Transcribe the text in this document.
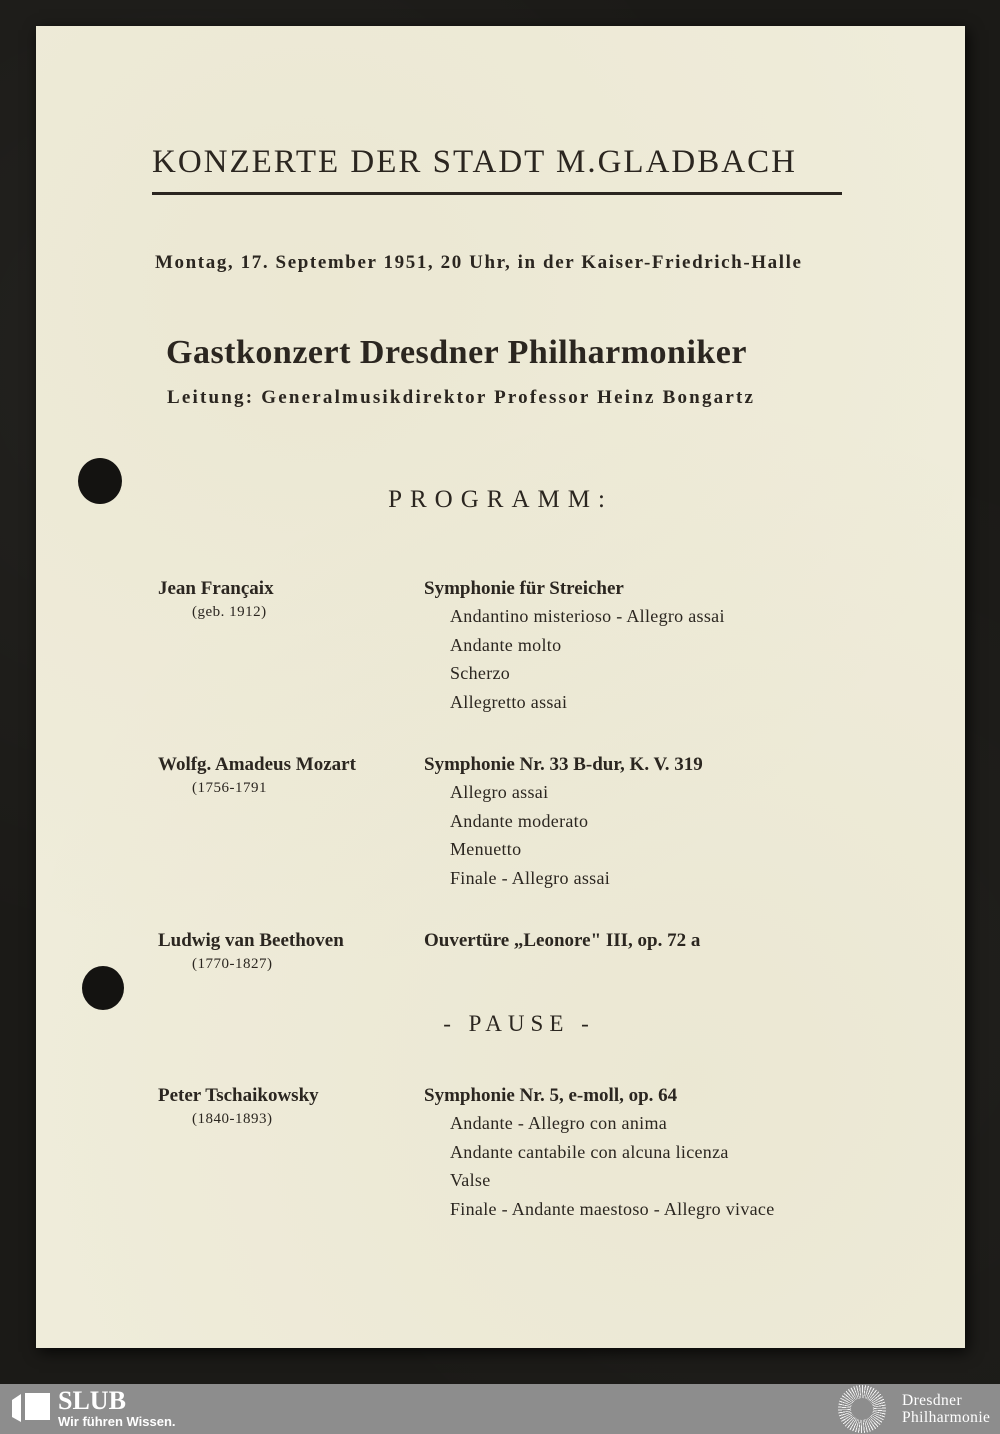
KONZERTE DER STADT M.GLADBACH
Montag, 17. September 1951, 20 Uhr, in der Kaiser-Friedrich-Halle
Gastkonzert Dresdner Philharmoniker
Leitung: Generalmusikdirektor Professor Heinz Bongartz
PROGRAMM:
Jean Françaix
(geb. 1912)
Symphonie für Streicher
Andantino misterioso - Allegro assai
Andante molto
Scherzo
Allegretto assai
Wolfg. Amadeus Mozart
(1756-1791
Symphonie Nr. 33 B-dur, K. V. 319
Allegro assai
Andante moderato
Menuetto
Finale - Allegro assai
Ludwig van Beethoven
(1770-1827)
Ouvertüre „Leonore" III, op. 72 a
- PAUSE -
Peter Tschaikowsky
(1840-1893)
Symphonie Nr. 5, e-moll, op. 64
Andante - Allegro con anima
Andante cantabile con alcuna licenza
Valse
Finale - Andante maestoso - Allegro vivace
SLUB
Wir führen Wissen.
Dresdner
Philharmonie
